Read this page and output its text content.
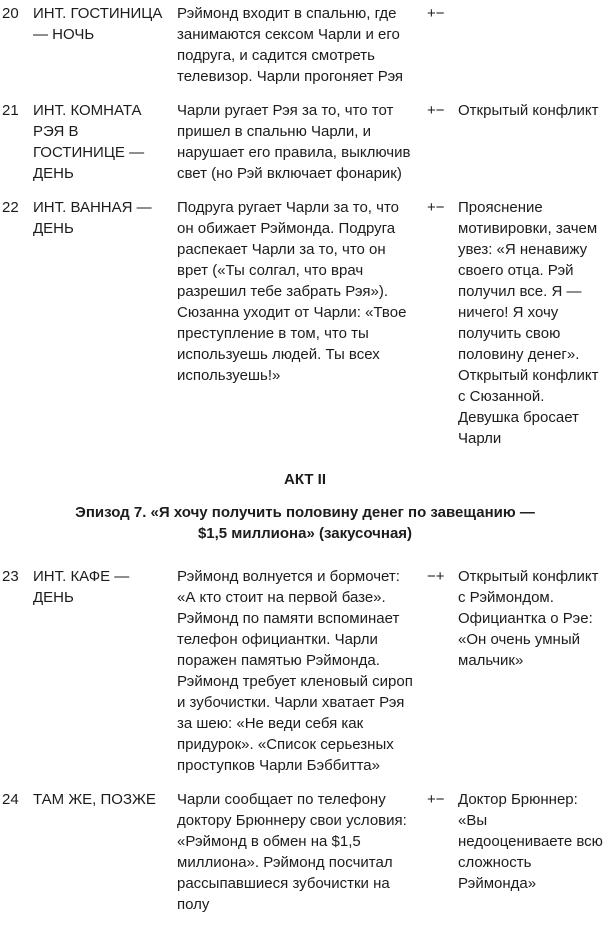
20 ИНТ. ГОСТИНИЦА — НОЧЬ
Рэймонд входит в спальню, где занимаются сексом Чарли и его подруга, и садится смотреть телевизор. Чарли прогоняет Рэя
+−
21 ИНТ. КОМНАТА РЭЯ В ГОСТИНИЦЕ — ДЕНЬ
Чарли ругает Рэя за то, что тот пришел в спальню Чарли, и нарушает его правила, выключив свет (но Рэй включает фонарик)
+− Открытый конфликт
22 ИНТ. ВАННАЯ — ДЕНЬ
Подруга ругает Чарли за то, что он обижает Рэймонда. Подруга распекает Чарли за то, что он врет («Ты солгал, что врач разрешил тебе забрать Рэя»). Сюзанна уходит от Чарли: «Твое преступление в том, что ты используешь людей. Ты всех используешь!»
+− Прояснение мотивировки, зачем увез: «Я ненавижу своего отца. Рэй получил все. Я — ничего! Я хочу получить свою половину денег». Открытый конфликт с Сюзанной. Девушка бросает Чарли
АКТ II
Эпизод 7. «Я хочу получить половину денег по завещанию — $1,5 миллиона» (закусочная)
23 ИНТ. КАФЕ — ДЕНЬ
Рэймонд волнуется и бормочет: «А кто стоит на первой базе». Рэймонд по памяти вспоминает телефон официантки. Чарли поражен памятью Рэймонда. Рэймонд требует кленовый сироп и зубочистки. Чарли хватает Рэя за шею: «Не веди себя как придурок». «Список серьезных проступков Чарли Бэббитта»
−+ Открытый конфликт с Рэймондом. Официантка о Рэе: «Он очень умный мальчик»
24 ТАМ ЖЕ, ПОЗЖЕ	Чарли сообщает по телефону доктору Брюннеру свои условия: «Рэймонд в обмен на $1,5 миллиона». Рэймонд посчитал рассыпавшиеся зубочистки на полу
+− Доктор Брюннер: «Вы недооцениваете всю сложность Рэймонда»
